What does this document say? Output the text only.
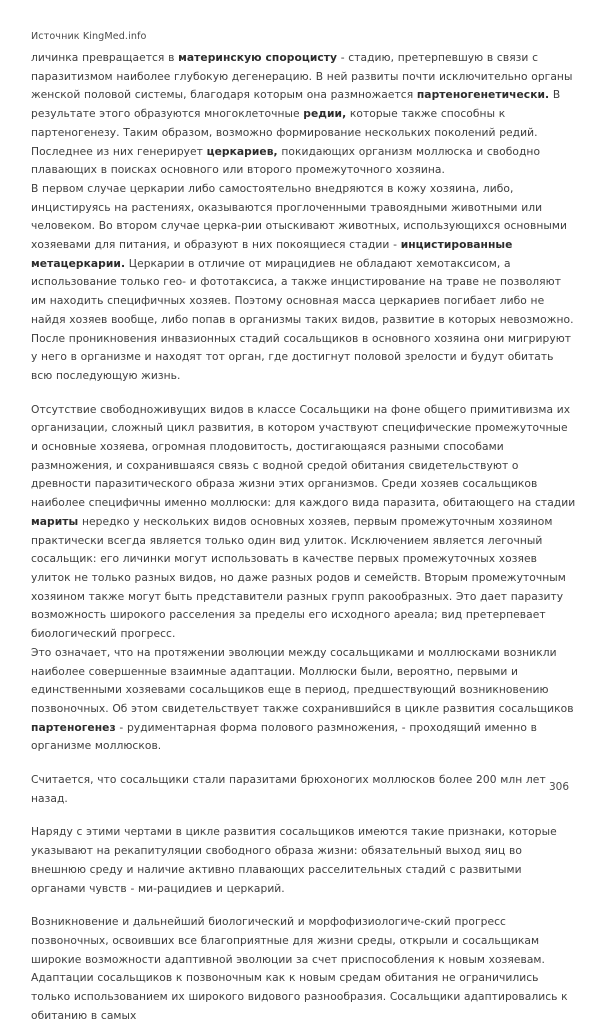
Источник KingMed.info

личинка превращается в материнскую спороцисту - стадию, претерпевшую в связи с паразитизмом наиболее глубокую дегенерацию. В ней развиты почти исключительно органы женской половой системы, благодаря которым она размножается партеногенетически. В результате этого образуются многоклеточные редии, которые также способны к партеногенезу. Таким образом, возможно формирование нескольких поколений редий. Последнее из них генерирует церкариев, покидающих организм моллюска и свободно плавающих в поисках основного или второго промежуточного хозяина.

В первом случае церкарии либо самостоятельно внедряются в кожу хозяина, либо, инцистируясь на растениях, оказываются проглоченными травоядными животными или человеком. Во втором случае церка-рии отыскивают животных, использующихся основными хозяевами для питания, и образуют в них покоящиеся стадии - инцистированные метацеркарии. Церкарии в отличие от мирацидиев не обладают хемотаксисом, а использование только гео- и фототаксиса, а также инцистирование на траве не позволяют им находить специфичных хозяев. Поэтому основная масса церкариев погибает либо не найдя хозяев вообще, либо попав в организмы таких видов, развитие в которых невозможно. После проникновения инвазионных стадий сосальщиков в основного хозяина они мигрируют у него в организме и находят тот орган, где достигнут половой зрелости и будут обитать всю последующую жизнь.

Отсутствие свободноживущих видов в классе Сосальщики на фоне общего примитивизма их организации, сложный цикл развития, в котором участвуют специфические промежуточные и основные хозяева, огромная плодовитость, достигающаяся разными способами размножения, и сохранившаяся связь с водной средой обитания свидетельствуют о древности паразитического образа жизни этих организмов. Среди хозяев сосальщиков наиболее специфичны именно моллюски: для каждого вида паразита, обитающего на стадии мариты нередко у нескольких видов основных хозяев, первым промежуточным хозяином практически всегда является только один вид улиток. Исключением является легочный сосальщик: его личинки могут использовать в качестве первых промежуточных хозяев улиток не только разных видов, но даже разных родов и семейств. Вторым промежуточным хозяином также могут быть представители разных групп ракообразных. Это дает паразиту возможность широкого расселения за пределы его исходного ареала; вид претерпевает биологический прогресс.

Это означает, что на протяжении эволюции между сосальщиками и моллюсками возникли наиболее совершенные взаимные адаптации. Моллюски были, вероятно, первыми и единственными хозяевами сосальщиков еще в период, предшествующий возникновению позвоночных. Об этом свидетельствует также сохранившийся в цикле развития сосальщиков партеногенез - рудиментарная форма полового размножения, - проходящий именно в организме моллюсков.

Считается, что сосальщики стали паразитами брюхоногих моллюсков более 200 млн лет назад.

Наряду с этими чертами в цикле развития сосальщиков имеются такие признаки, которые указывают на рекапитуляции свободного образа жизни: обязательный выход яиц во внешнюю среду и наличие активно плавающих расселительных стадий с развитыми органами чувств - ми-рацидиев и церкарий.

Возникновение и дальнейший биологический и морфофизиологиче-ский прогресс позвоночных, освоивших все благоприятные для жизни среды, открыли и сосальщикам широкие возможности адаптивной эволюции за счет приспособления к новым хозяевам. Адаптации сосальщиков к позвоночным как к новым средам обитания не ограничились только использованием их широкого видового разнообразия. Сосальщики адаптировались к обитанию в самых

306
